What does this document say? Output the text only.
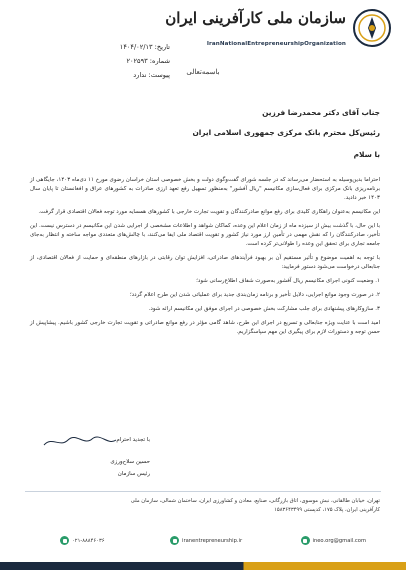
سازمان ملی کارآفرینی ایران
IranNationalEntrepreneurshipOrganization
تاریخ: ۱۴۰۴/۰۲/۱۳
شماره: ۲۰۲۵۹۳
پیوست: ندارد	باسمه‌تعالی
جناب آقای دکتر محمدرضا فرزین
رئیس‌کل محترم بانک مرکزی جمهوری اسلامی ایران
با سلام

احتراما بدین‌وسیله به استحضار می‌رساند که در جلسه شورای گفت‌وگوی دولت و بخش خصوصی استان خراسان رضوی مورخ ۱۱ دی‌ماه ۱۴۰۳، جایگاهی از برنامه‌ریزی بانک مرکزی برای فعال‌سازی مکانیسم "ریال آفشور" به‌منظور تسهیل رفع تعهد ارزی صادرات به کشورهای عراق و افغانستان تا پایان سال ۱۴۰۳ خبر دادید.

این مکانیسم به‌عنوان راهکاری کلیدی برای رفع موانع صادرکنندگان و تقویت تجارت خارجی با کشورهای همسایه مورد توجه فعالان اقتصادی قرار گرفت.

با این حال، با گذشت بیش از سیزده ماه از زمان اعلام این وعده، کماکان شواهد و اطلاعات مشخصی از اجرایی شدن این مکانیسم در دسترس نیست. این تأخیر، صادرکنندگان را که نقش مهمی در تأمین ارز مورد نیاز کشور و تقویت اقتصاد ملی ایفا می‌کنند، با چالش‌های متعددی مواجه ساخته و انتظار به‌جای جامعه تجاری برای تحقق این وعده را طولانی‌تر کرده است.

با توجه به اهمیت موضوع و تأثیر مستقیم آن بر بهبود فرآیندهای صادراتی، افزایش توان رقابتی در بازارهای منطقه‌ای و حمایت از فعالان اقتصادی، از جنابعالی درخواست می‌شود دستور فرمایید:

۱. وضعیت کنونی اجرای مکانیسم ریال آفشور به‌صورت شفاف اطلاع‌رسانی شود؛

۲. در صورت وجود موانع اجرایی، دلایل تأخیر و برنامه زمان‌بندی جدید برای عملیاتی شدن این طرح اعلام گردد؛

۳. سازوکارهای پیشنهادی برای جلب مشارکت بخش خصوصی در اجرای موفق این مکانیسم ارائه شود.

امید است با عنایت ویژه جنابعالی و تسریع در اجرای این طرح، شاهد گامی مؤثر در رفع موانع صادراتی و تقویت تجارت خارجی کشور باشیم. پیشاپیش از حسن توجه و دستورات لازم برای پیگیری این مهم سپاسگزاریم.

با تجدید احترام
حسین سلاح‌ورزی
رئیس سازمان
تهران، خیابان طالقانی، نبش موسوی، اتاق بازرگانی، صنایع، معادن و کشاورزی ایران، ساختمان شمالی، سازمان ملی کارآفرینی ایران، پلاک ۱۷۵، کدپستی ۱۵۸۳۶۴۳۴۹۹
ineo.org@gmail.com
iranentrepreneurship.ir
۰۲۱-۸۸۸۴۶۰۳۶
